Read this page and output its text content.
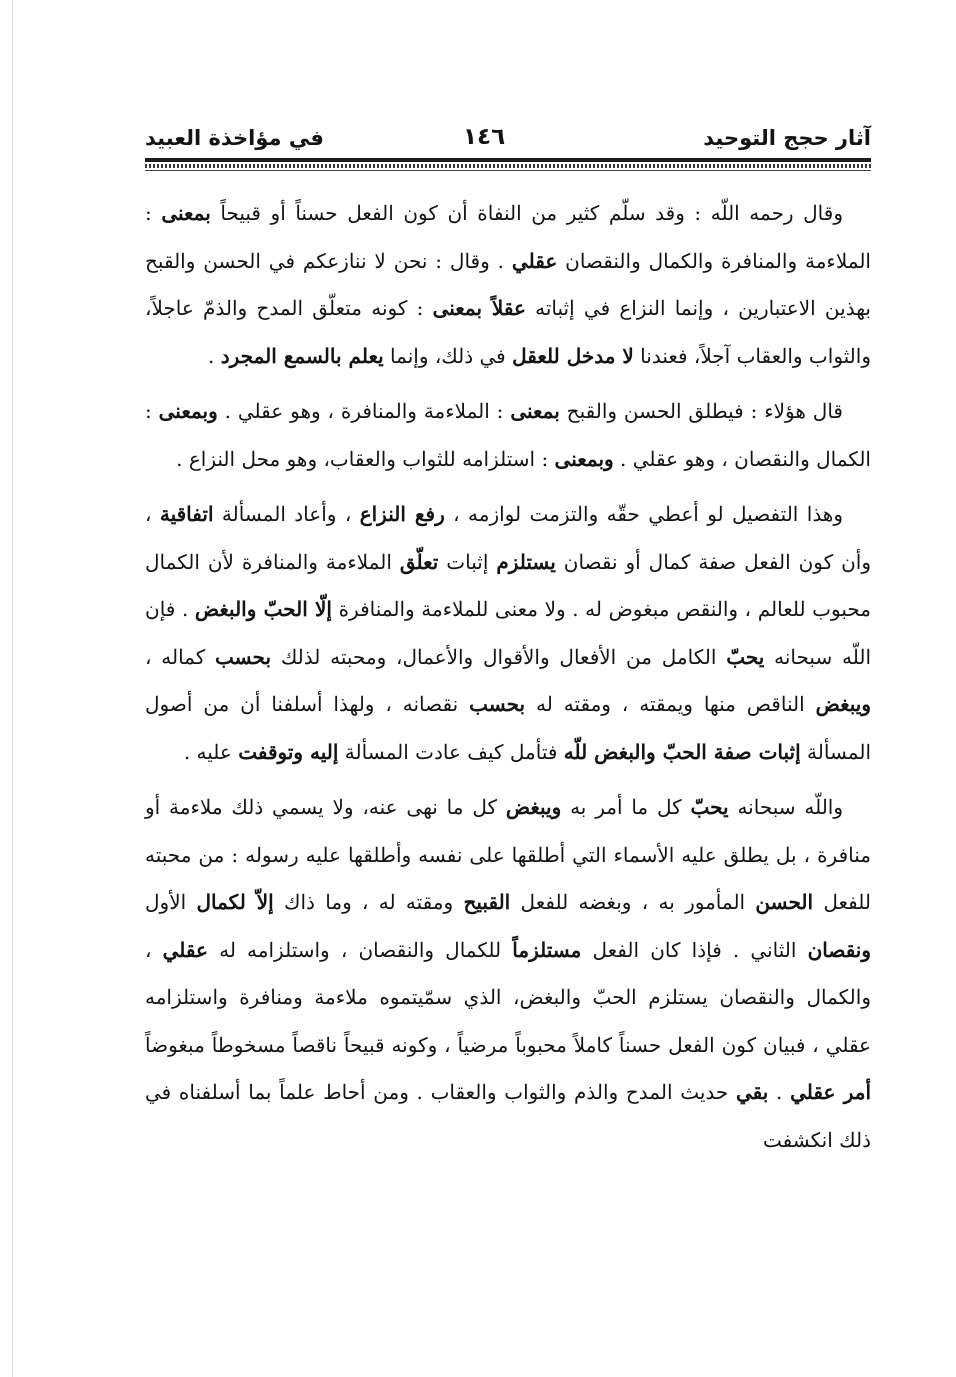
آثار حجج التوحيد
١٤٦
في مؤاخذة العبيد

وقال رحمه اللّه : وقد سلّم كثير من النفاة أن كون الفعل حسناً أو قبيحاً بمعنى : الملاءمة والمنافرة والكمال والنقصان عقلي . وقال : نحن لا ننازعكم في الحسن والقبح بهذين الاعتبارين ، وإنما النزاع في إثباته عقلاً بمعنى : كونه متعلّق المدح والذمّ عاجلاً، والثواب والعقاب آجلاً، فعندنا لا مدخل للعقل في ذلك، وإنما يعلم بالسمع المجرد .

قال هؤلاء : فيطلق الحسن والقبح بمعنى : الملاءمة والمنافرة ، وهو عقلي . وبمعنى : الكمال والنقصان ، وهو عقلي . وبمعنى : استلزامه للثواب والعقاب، وهو محل النزاع .

وهذا التفصيل لو أعطي حقّه والتزمت لوازمه ، رفع النزاع ، وأعاد المسألة اتفاقية ، وأن كون الفعل صفة كمال أو نقصان يستلزم إثبات تعلّق الملاءمة والمنافرة لأن الكمال محبوب للعالم ، والنقص مبغوض له . ولا معنى للملاءمة والمنافرة إلّا الحبّ والبغض . فإن اللّه سبحانه يحبّ الكامل من الأفعال والأقوال والأعمال، ومحبته لذلك بحسب كماله ، ويبغض الناقص منها ويمقته ، ومقته له بحسب نقصانه ، ولهذا أسلفنا أن من أصول المسألة إثبات صفة الحبّ والبغض للّه فتأمل كيف عادت المسألة إليه وتوقفت عليه .

واللّه سبحانه يحبّ كل ما أمر به ويبغض كل ما نهى عنه، ولا يسمي ذلك ملاءمة أو منافرة ، بل يطلق عليه الأسماء التي أطلقها على نفسه وأطلقها عليه رسوله : من محبته للفعل الحسن المأمور به ، وبغضه للفعل القبيح ومقته له ، وما ذاك إلاّ لكمال الأول ونقصان الثاني . فإذا كان الفعل مستلزماً للكمال والنقصان ، واستلزامه له عقلي ، والكمال والنقصان يستلزم الحبّ والبغض، الذي سمّيتموه ملاءمة ومنافرة واستلزامه عقلي ، فبيان كون الفعل حسناً كاملاً محبوباً مرضياً ، وكونه قبيحاً ناقصاً مسخوطاً مبغوضاً أمر عقلي . بقي حديث المدح والذم والثواب والعقاب . ومن أحاط علماً بما أسلفناه في ذلك انكشفت
